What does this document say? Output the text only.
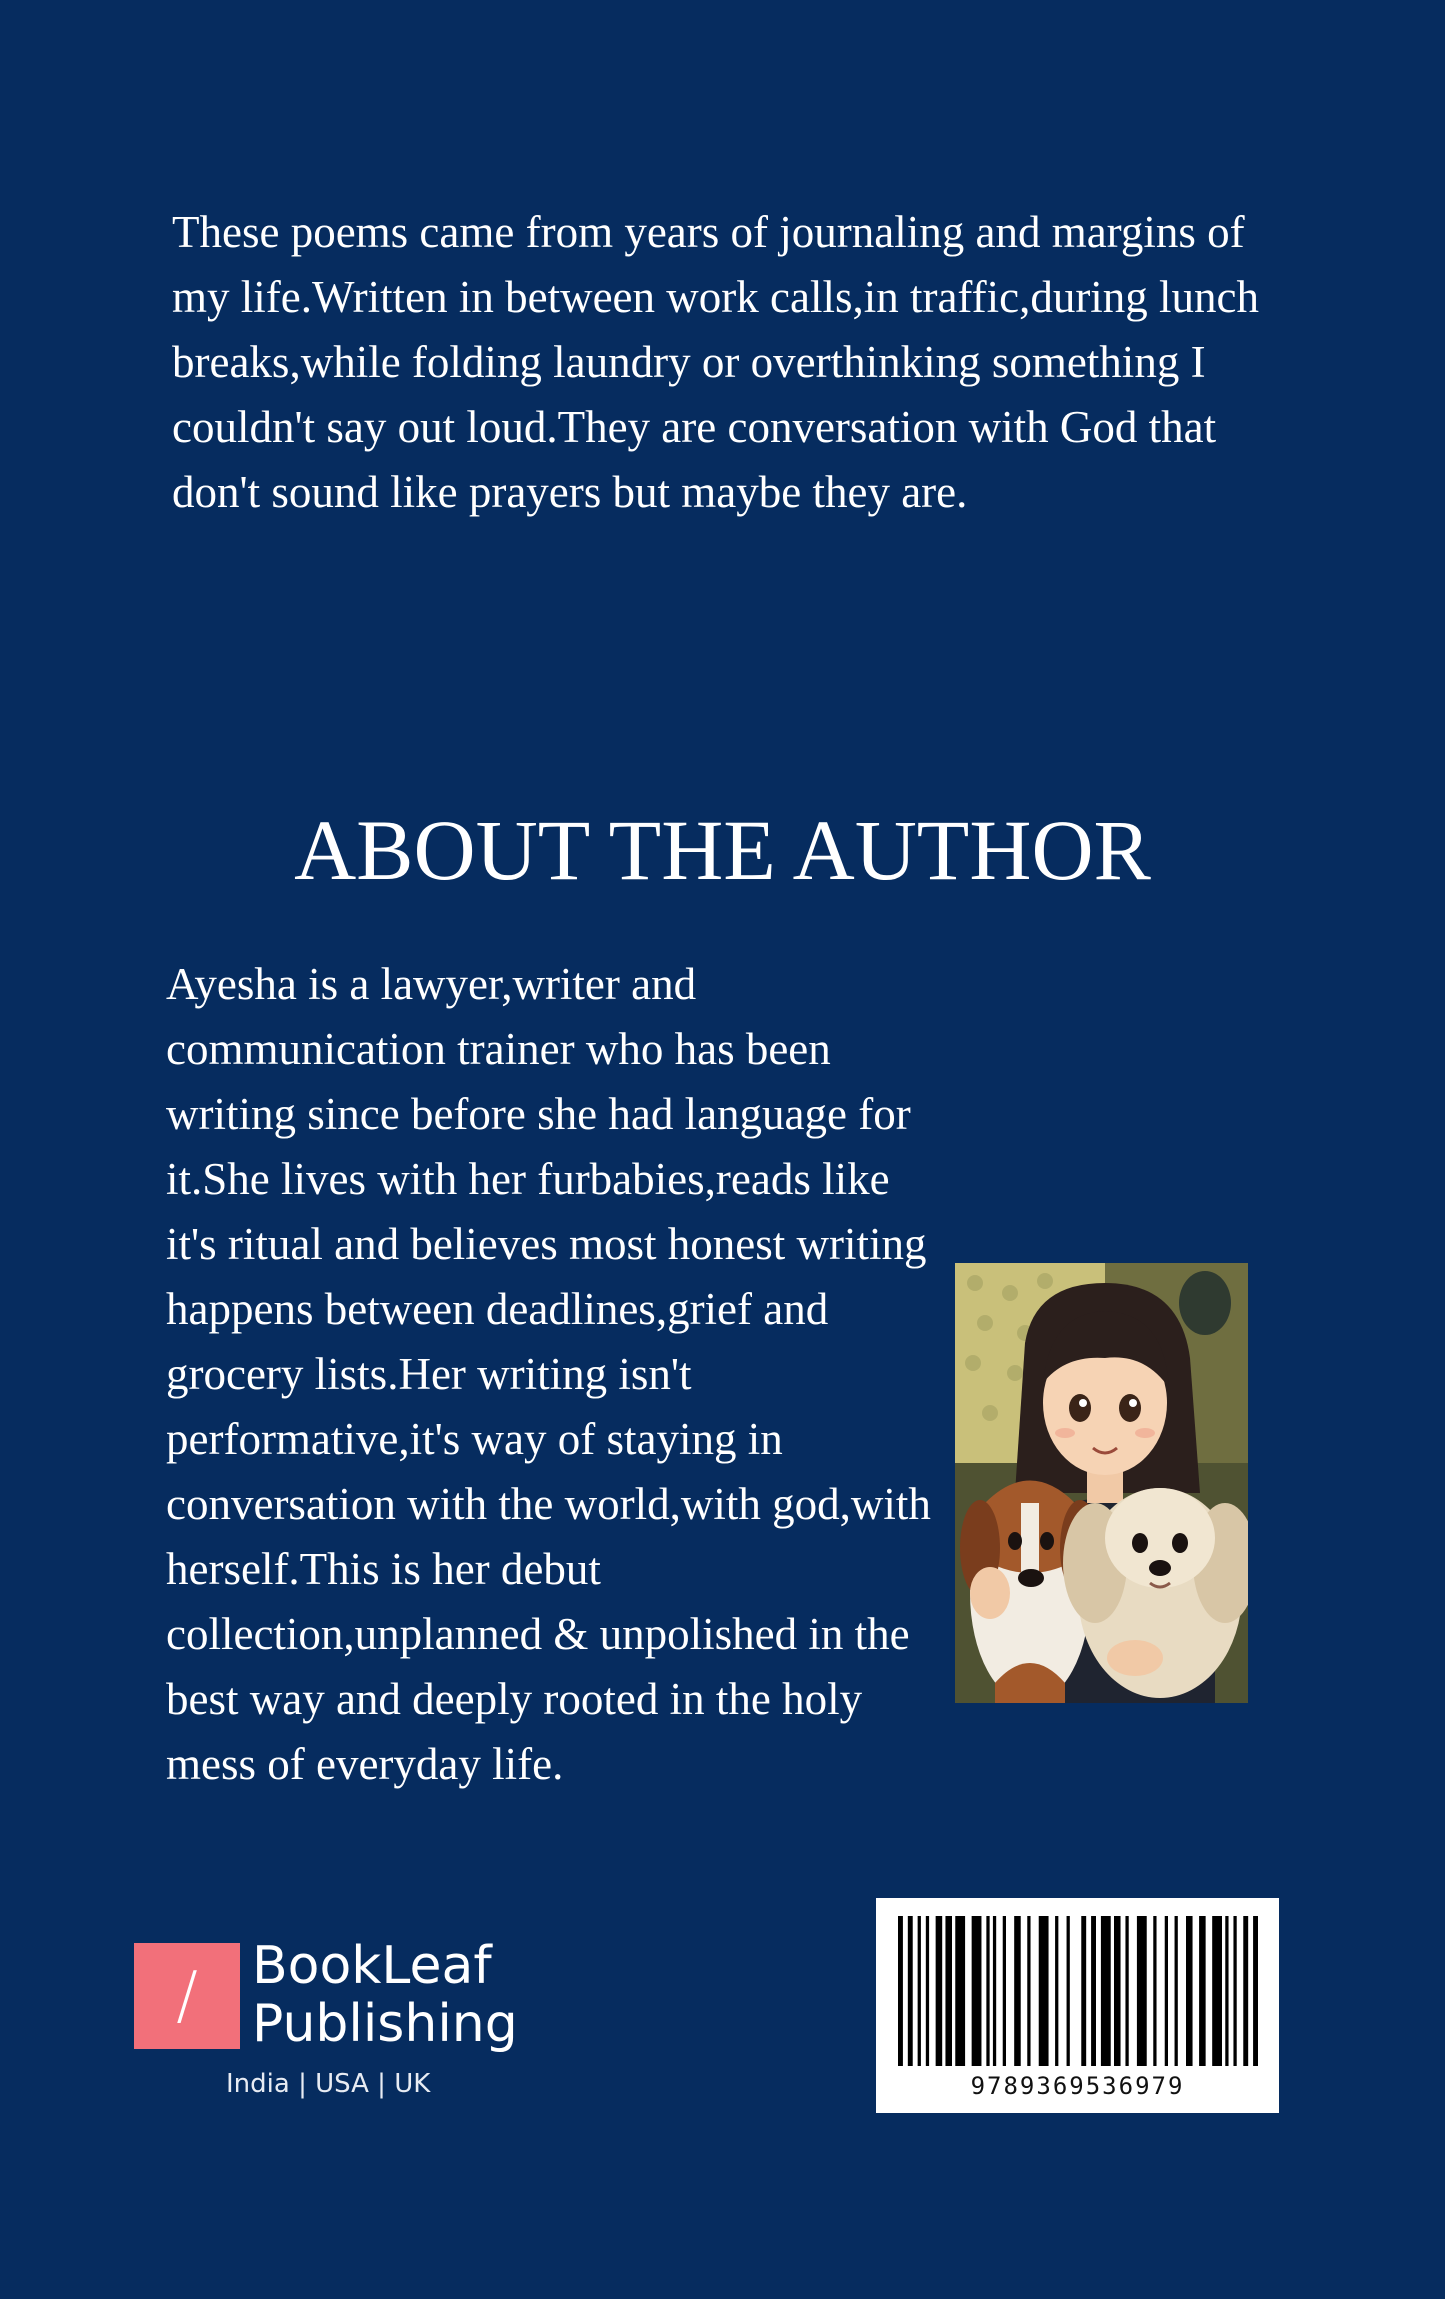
These poems came from years of journaling and margins of my life.Written in between work calls,in traffic,during lunch breaks,while folding laundry or overthinking something I couldn't say out loud.They are conversation with God that don't sound like prayers but maybe they are.

ABOUT THE AUTHOR

Ayesha is a lawyer,writer and communication trainer who has been writing since before she had language for it.She lives with her furbabies,reads like it's ritual and believes most honest writing happens between deadlines,grief and grocery lists.Her writing isn't performative,it's way of staying in conversation with the world,with god,with herself.This is her debut collection,unplanned & unpolished in the best way and deeply rooted in the holy mess of everyday life.

/	BookLeaf
Publishing
India | USA | UK	9789369536979
